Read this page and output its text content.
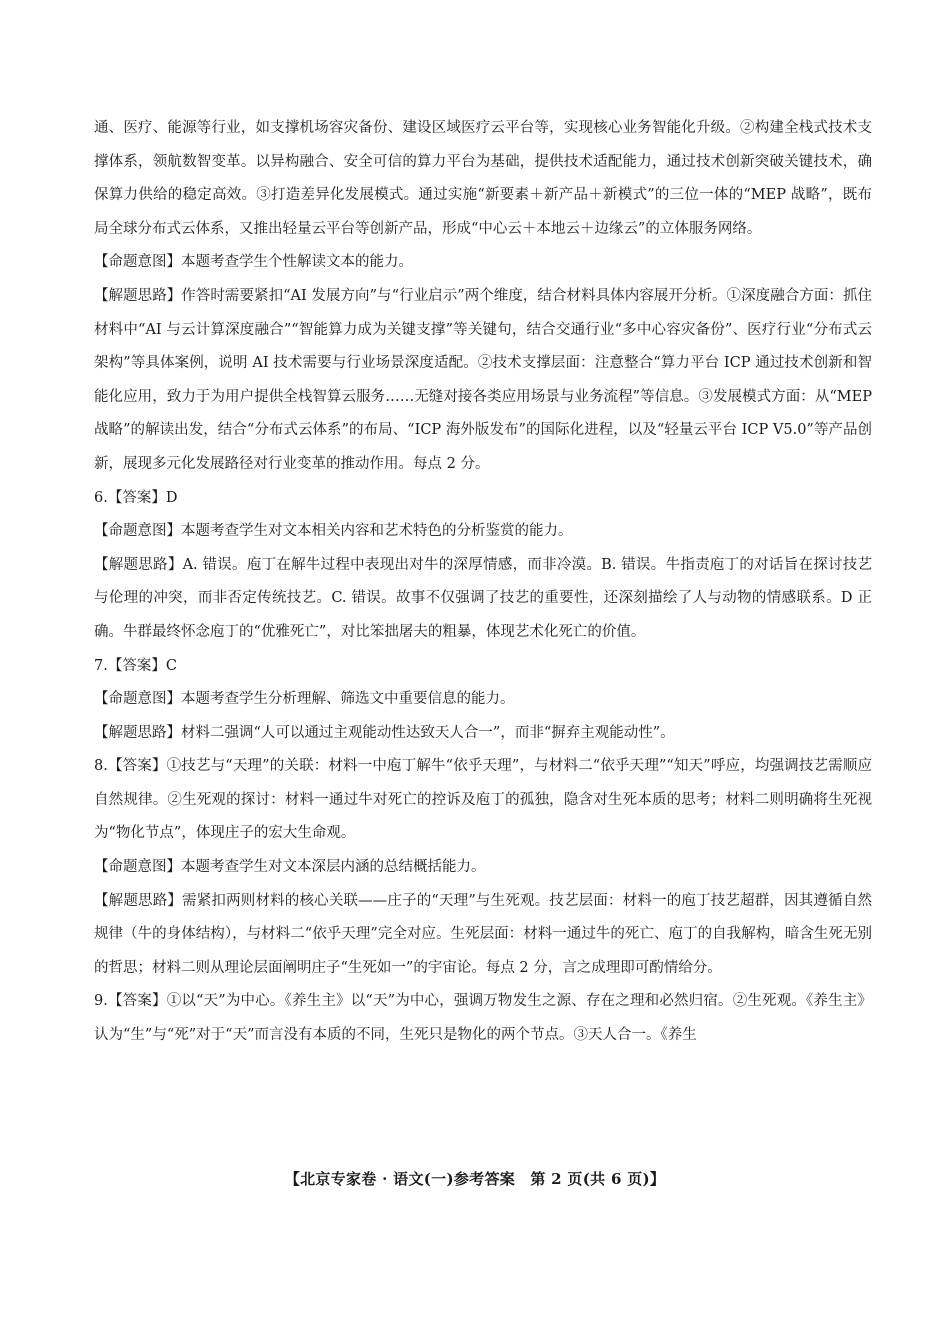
通、医疗、能源等行业，如支撑机场容灾备份、建设区域医疗云平台等，实现核心业务智能化升级。②构建全栈式技术支撑体系，领航数智变革。以异构融合、安全可信的算力平台为基础，提供技术适配能力，通过技术创新突破关键技术，确保算力供给的稳定高效。③打造差异化发展模式。通过实施“新要素＋新产品＋新模式”的三位一体的“MEP 战略”，既布局全球分布式云体系，又推出轻量云平台等创新产品，形成“中心云＋本地云＋边缘云”的立体服务网络。

【命题意图】本题考查学生个性解读文本的能力。

【解题思路】作答时需要紧扣“AI 发展方向”与“行业启示”两个维度，结合材料具体内容展开分析。①深度融合方面：抓住材料中“AI 与云计算深度融合”“智能算力成为关键支撑”等关键句，结合交通行业“多中心容灾备份”、医疗行业“分布式云架构”等具体案例，说明 AI 技术需要与行业场景深度适配。②技术支撑层面：注意整合“算力平台 ICP 通过技术创新和智能化应用，致力于为用户提供全栈智算云服务……无缝对接各类应用场景与业务流程”等信息。③发展模式方面：从“MEP 战略”的解读出发，结合“分布式云体系”的布局、“ICP 海外版发布”的国际化进程，以及“轻量云平台 ICP V5.0”等产品创新，展现多元化发展路径对行业变革的推动作用。每点 2 分。

6.【答案】D

【命题意图】本题考查学生对文本相关内容和艺术特色的分析鉴赏的能力。

【解题思路】A. 错误。庖丁在解牛过程中表现出对牛的深厚情感，而非冷漠。B. 错误。牛指责庖丁的对话旨在探讨技艺与伦理的冲突，而非否定传统技艺。C. 错误。故事不仅强调了技艺的重要性，还深刻描绘了人与动物的情感联系。D 正确。牛群最终怀念庖丁的“优雅死亡”，对比笨拙屠夫的粗暴，体现艺术化死亡的价值。

7.【答案】C

【命题意图】本题考查学生分析理解、筛选文中重要信息的能力。

【解题思路】材料二强调“人可以通过主观能动性达致天人合一”，而非“摒弃主观能动性”。

8.【答案】①技艺与“天理”的关联：材料一中庖丁解牛“依乎天理”，与材料二“依乎天理”“知天”呼应，均强调技艺需顺应自然规律。②生死观的探讨：材料一通过牛对死亡的控诉及庖丁的孤独，隐含对生死本质的思考；材料二则明确将生死视为“物化节点”，体现庄子的宏大生命观。

【命题意图】本题考查学生对文本深层内涵的总结概括能力。

【解题思路】需紧扣两则材料的核心关联——庄子的“天理”与生死观。技艺层面：材料一的庖丁技艺超群，因其遵循自然规律（牛的身体结构），与材料二“依乎天理”完全对应。生死层面：材料一通过牛的死亡、庖丁的自我解构，暗含生死无别的哲思；材料二则从理论层面阐明庄子“生死如一”的宇宙论。每点 2 分，言之成理即可酌情给分。

9.【答案】①以“天”为中心。《养生主》以“天”为中心，强调万物发生之源、存在之理和必然归宿。②生死观。《养生主》认为“生”与“死”对于“天”而言没有本质的不同，生死只是物化的两个节点。③天人合一。《养生

【北京专家卷 · 语文(一)参考答案　第 2 页(共 6 页)】
